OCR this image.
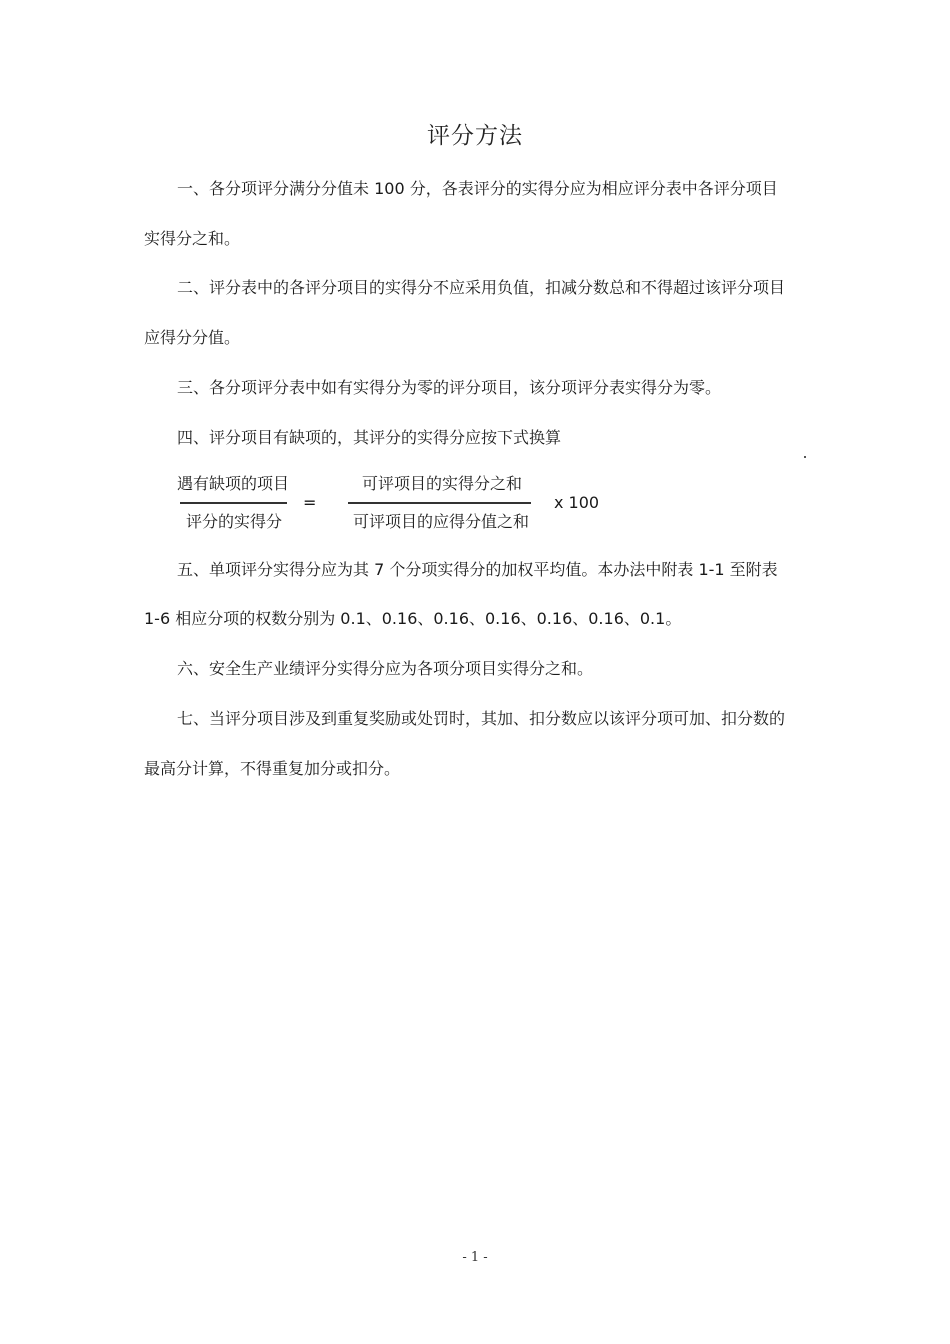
评分方法
一、各分项评分满分分值未 100 分，各表评分的实得分应为相应评分表中各评分项目
实得分之和。
二、评分表中的各评分项目的实得分不应采用负值，扣减分数总和不得超过该评分项目
应得分分值。
三、各分项评分表中如有实得分为零的评分项目，该分项评分表实得分为零。
四、评分项目有缺项的，其评分的实得分应按下式换算
遇有缺项的项目
评分的实得分
=
可评项目的实得分之和
可评项目的应得分值之和
x 100
五、单项评分实得分应为其 7 个分项实得分的加权平均值。本办法中附表 1-1 至附表
1-6 相应分项的权数分别为 0.1、0.16、0.16、0.16、0.16、0.16、0.1。
六、安全生产业绩评分实得分应为各项分项目实得分之和。
七、当评分项目涉及到重复奖励或处罚时，其加、扣分数应以该评分项可加、扣分数的
最高分计算，不得重复加分或扣分。
- 1 -
